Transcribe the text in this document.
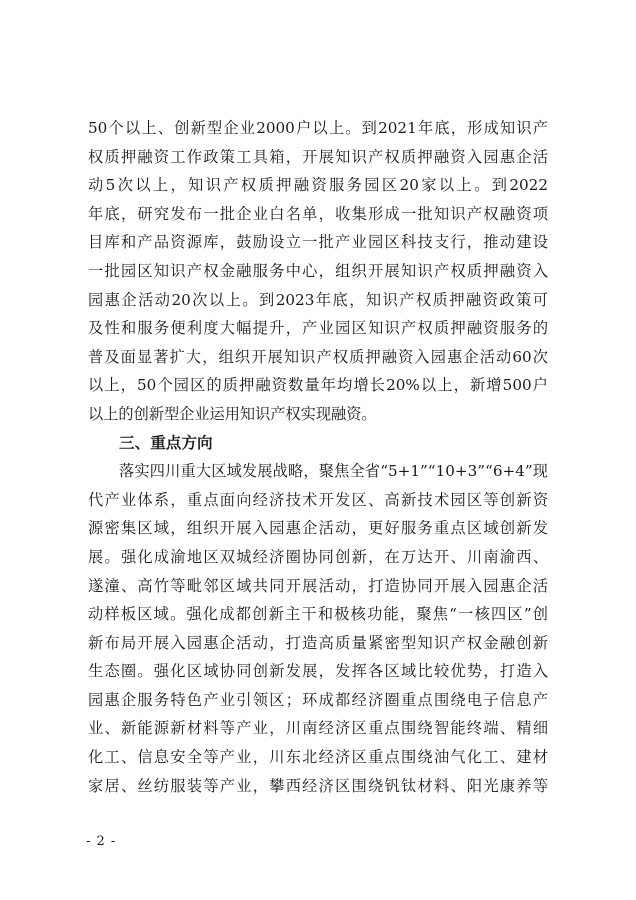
50个以上、创新型企业2000户以上。到2021年底，形成知识产
权质押融资工作政策工具箱，开展知识产权质押融资入园惠企活
动5次以上，知识产权质押融资服务园区20家以上。到2022
年底，研究发布一批企业白名单，收集形成一批知识产权融资项
目库和产品资源库，鼓励设立一批产业园区科技支行，推动建设
一批园区知识产权金融服务中心，组织开展知识产权质押融资入
园惠企活动20次以上。到2023年底，知识产权质押融资政策可
及性和服务便利度大幅提升，产业园区知识产权质押融资服务的
普及面显著扩大，组织开展知识产权质押融资入园惠企活动60次
以上，50个园区的质押融资数量年均增长20%以上，新增500户
以上的创新型企业运用知识产权实现融资。
三、重点方向
落实四川重大区域发展战略，聚焦全省“5+1”“10+3”“6+4”现
代产业体系，重点面向经济技术开发区、高新技术园区等创新资
源密集区域，组织开展入园惠企活动，更好服务重点区域创新发
展。强化成渝地区双城经济圈协同创新，在万达开、川南渝西、
遂潼、高竹等毗邻区域共同开展活动，打造协同开展入园惠企活
动样板区域。强化成都创新主干和极核功能，聚焦“一核四区”创
新布局开展入园惠企活动，打造高质量紧密型知识产权金融创新
生态圈。强化区域协同创新发展，发挥各区域比较优势，打造入
园惠企服务特色产业引领区；环成都经济圈重点围绕电子信息产
业、新能源新材料等产业，川南经济区重点围绕智能终端、精细
化工、信息安全等产业，川东北经济区重点围绕油气化工、建材
家居、丝纺服装等产业，攀西经济区围绕钒钛材料、阳光康养等
- 2 -
